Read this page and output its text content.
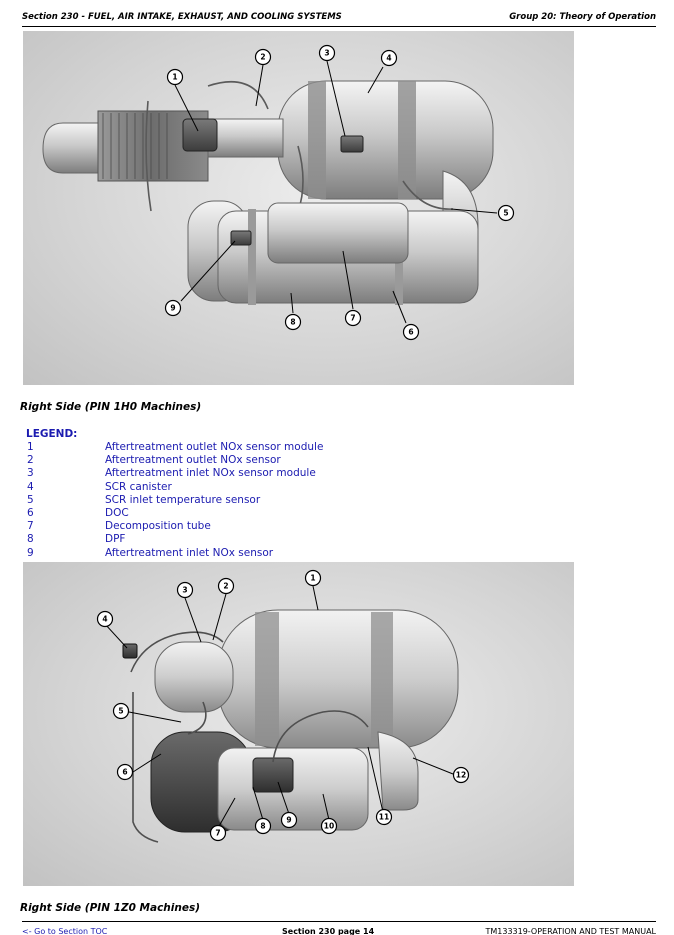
Section 230 - FUEL, AIR INTAKE, EXHAUST, AND COOLING SYSTEMS	Group 20: Theory of Operation
1
2	3
4
5
6
7
8
9
Right Side (PIN 1H0 Machines)
LEGEND:
1	Aftertreatment outlet NOx sensor module
2	Aftertreatment outlet NOx sensor
3	Aftertreatment inlet NOx sensor module
4	SCR canister
5	SCR inlet temperature sensor
6	DOC
7	Decomposition tube
8	DPF
9	Aftertreatment inlet NOx sensor
1
2
3
4
5
6
7
8
9
10
11
12
Right Side (PIN 1Z0 Machines)
<- Go to Section TOC	Section 230 page 14	TM133319-OPERATION AND TEST MANUAL
